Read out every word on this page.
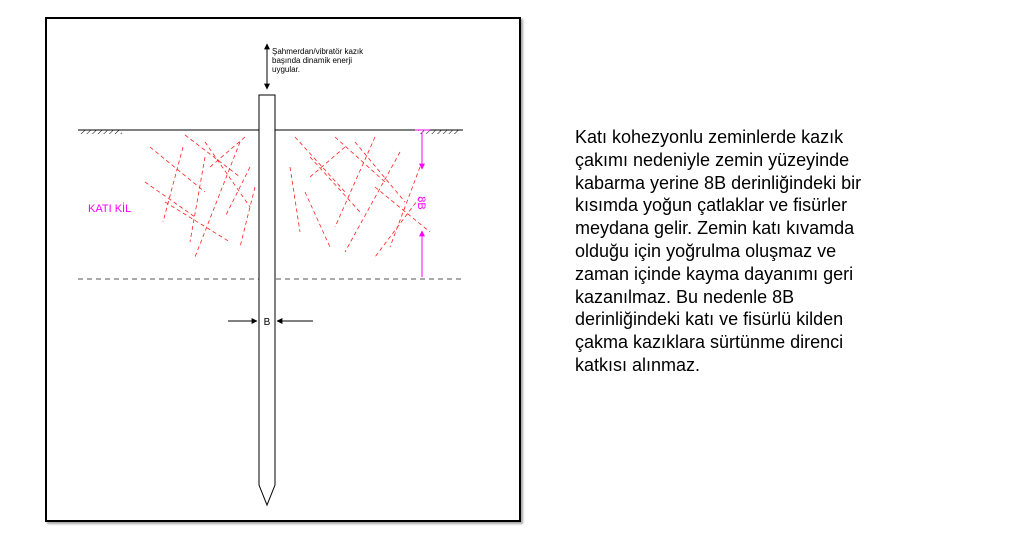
Şahmerdan/vibratör kazık başında dinamik enerji uygular.
B
KATI KİL	8B
Katı kohezyonlu zeminlerde kazık
çakımı nedeniyle zemin yüzeyinde
kabarma yerine 8B derinliğindeki bir
kısımda yoğun çatlaklar ve fisürler
meydana gelir. Zemin katı kıvamda
olduğu için yoğrulma oluşmaz ve
zaman içinde kayma dayanımı geri
kazanılmaz. Bu nedenle 8B
derinliğindeki katı ve fisürlü kilden
çakma kazıklara sürtünme direnci
katkısı alınmaz.
